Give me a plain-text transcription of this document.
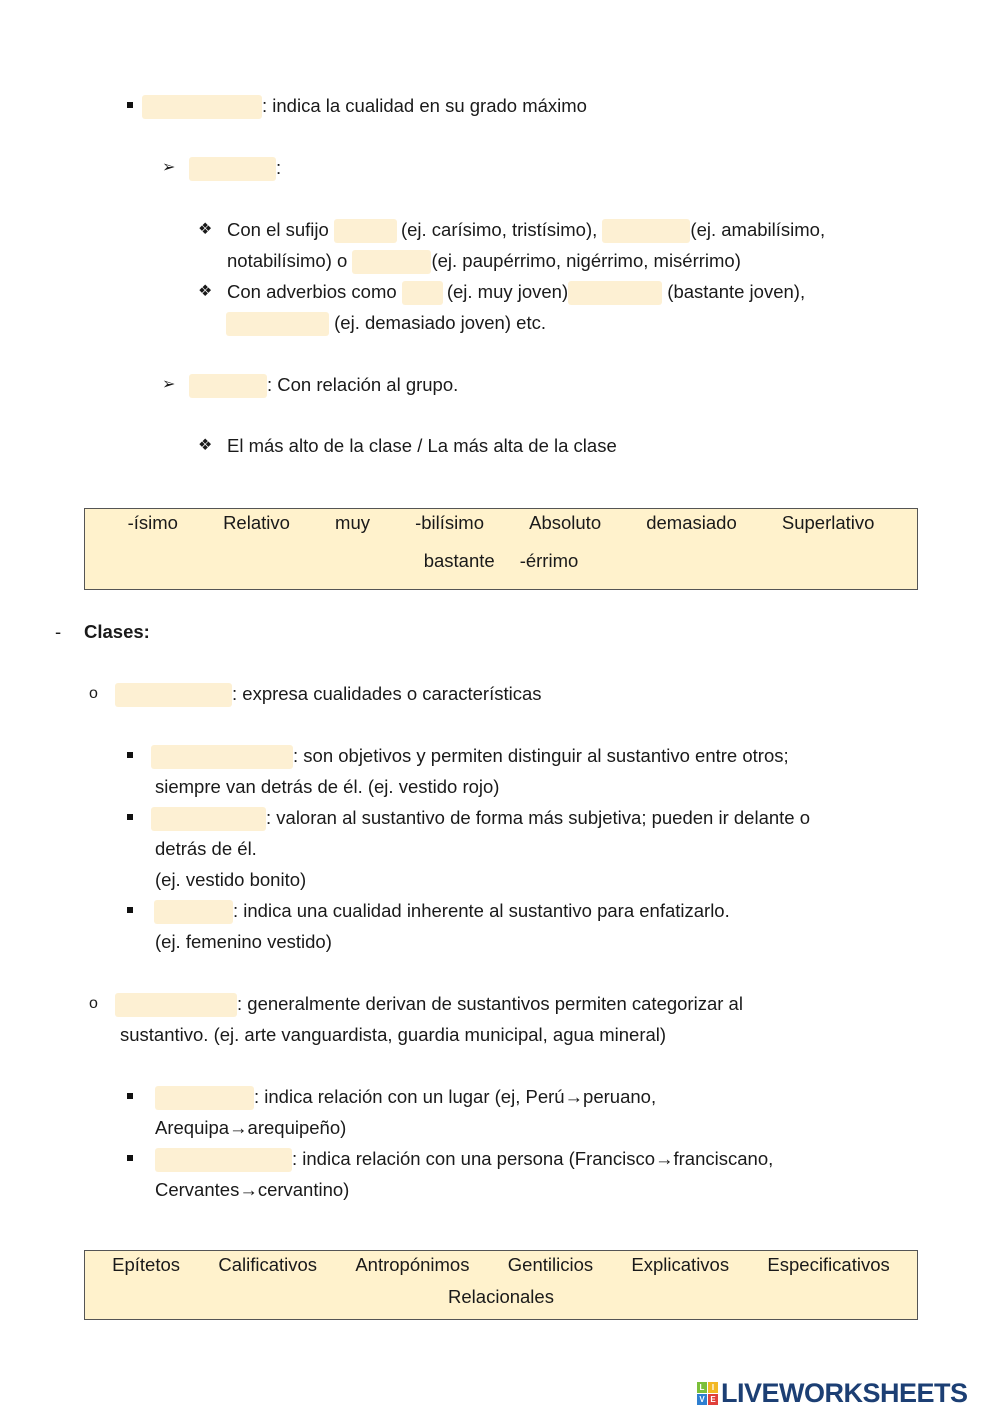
: indica la cualidad en su grado máximo
➢	:
❖ Con el sufijo	(ej. carísimo, tristísimo),	(ej. amabilísimo,
notabilísimo) o	(ej. paupérrimo, nigérrimo, misérrimo)
❖ Con adverbios como (ej. muy joven)	(bastante joven),
(ej. demasiado joven) etc.
➢	: Con relación al grupo.
❖ El más alto de la clase / La más alta de la clase
-ísimo Relativo muy -bilísimo Absoluto demasiado Superlativo
bastante -érrimo
- Clases:
o	: expresa cualidades o características
: son objetivos y permiten distinguir al sustantivo entre otros;
siempre van detrás de él. (ej. vestido rojo)
: valoran al sustantivo de forma más subjetiva; pueden ir delante o
detrás de él.
(ej. vestido bonito)
: indica una cualidad inherente al sustantivo para enfatizarlo.
(ej. femenino vestido)
o	: generalmente derivan de sustantivos permiten categorizar al
sustantivo. (ej. arte vanguardista, guardia municipal, agua mineral)
: indica relación con un lugar (ej, Perú→peruano,
Arequipa→arequipeño)
: indica relación con una persona (Francisco→franciscano,
Cervantes→cervantino)
Epítetos Calificativos Antropónimos Gentilicios Explicativos Especificativos
Relacionales
L I
V E LIVEWORKSHEETS
